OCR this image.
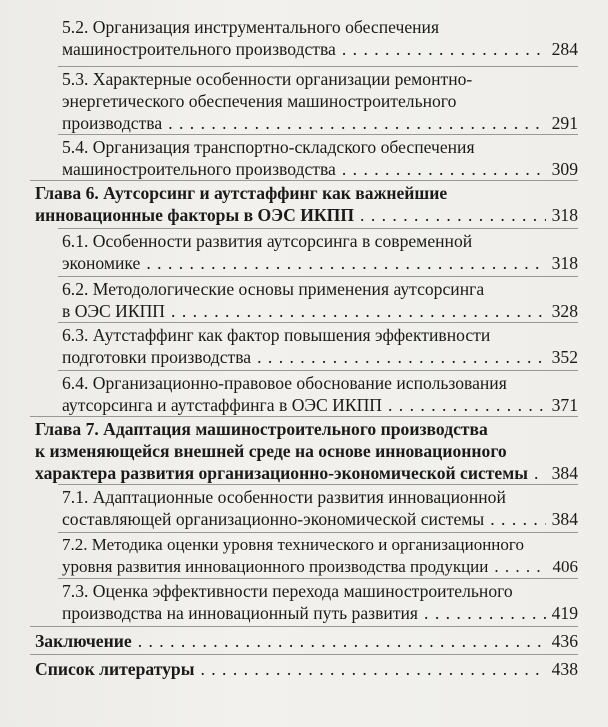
5.2. Организация инструментального обеспечения
машиностроительного производства . . .	284
5.3. Характерные особенности организации ремонтно-
энергетического обеспечения машиностроительного
производства . . .	291
5.4. Организация транспортно-складского обеспечения
машиностроительного производства . . .	309
Глава 6. Аутсорсинг и аутстаффинг как важнейшие
инновационные факторы в ОЭС ИКПП . . .	318
6.1. Особенности развития аутсорсинга в современной
экономике . . .	318
6.2. Методологические основы применения аутсорсинга
в ОЭС ИКПП . . .	328
6.3. Аутстаффинг как фактор повышения эффективности
подготовки производства . . .	352
6.4. Организационно-правовое обоснование использования
аутсорсинга и аутстаффинга в ОЭС ИКПП . . .	371
Глава 7. Адаптация машиностроительного производства
к изменяющейся внешней среде на основе инновационного
характера развития организационно-экономической системы . . . 384
7.1. Адаптационные особенности развития инновационной
составляющей организационно-экономической системы . . .	384
7.2. Методика оценки уровня технического и организационного
уровня развития инновационного производства продукции . . .	406
7.3. Оценка эффективности перехода машиностроительного
производства на инновационный путь развития . . .	419
Заключение . . .	436
Список литературы . . .	438
